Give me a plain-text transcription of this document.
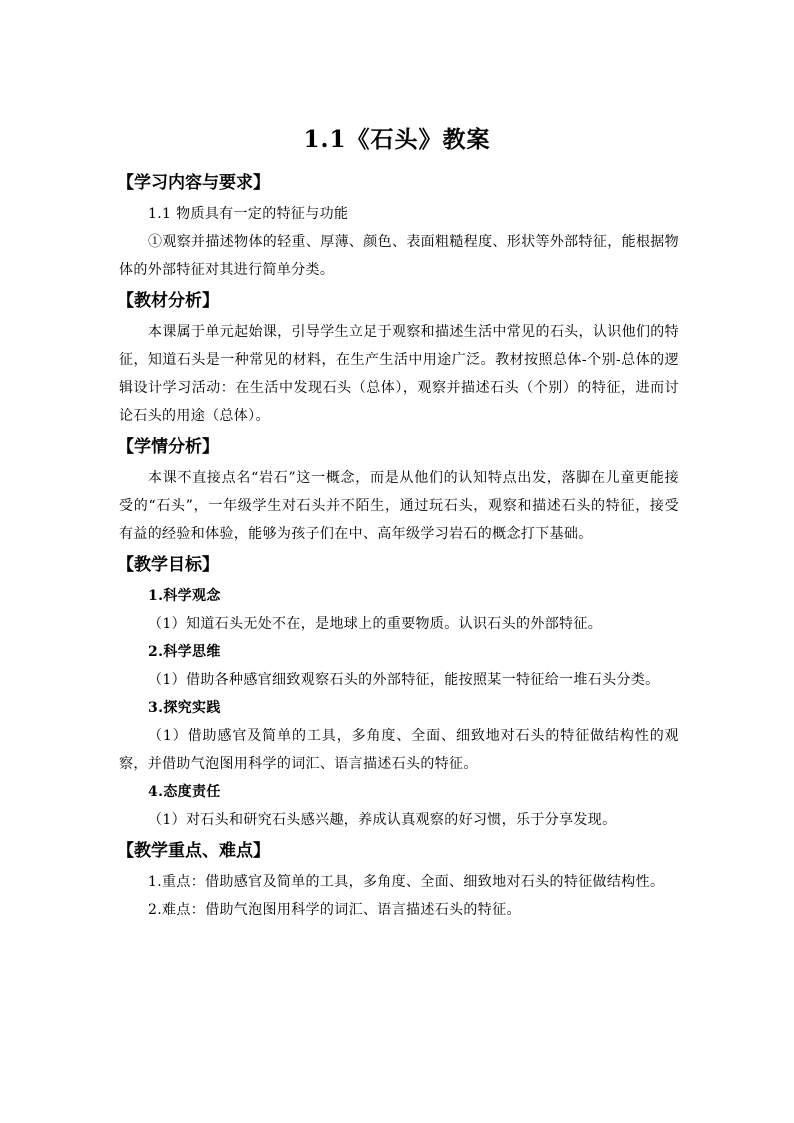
1.1《石头》教案
【学习内容与要求】

1.1 物质具有一定的特征与功能

①观察并描述物体的轻重、厚薄、颜色、表面粗糙程度、形状等外部特征，能根据物体的外部特征对其进行简单分类。

【教材分析】

本课属于单元起始课，引导学生立足于观察和描述生活中常见的石头，认识他们的特征，知道石头是一种常见的材料，在生产生活中用途广泛。教材按照总体-个别-总体的逻辑设计学习活动：在生活中发现石头（总体），观察并描述石头（个别）的特征，进而讨论石头的用途（总体）。

【学情分析】

本课不直接点名“岩石”这一概念，而是从他们的认知特点出发，落脚在儿童更能接受的“石头”，一年级学生对石头并不陌生，通过玩石头，观察和描述石头的特征，接受有益的经验和体验，能够为孩子们在中、高年级学习岩石的概念打下基础。

【教学目标】

1.科学观念

（1）知道石头无处不在，是地球上的重要物质。认识石头的外部特征。

2.科学思维

（1）借助各种感官细致观察石头的外部特征，能按照某一特征给一堆石头分类。

3.探究实践

（1）借助感官及简单的工具，多角度、全面、细致地对石头的特征做结构性的观察，并借助气泡图用科学的词汇、语言描述石头的特征。

4.态度责任

（1）对石头和研究石头感兴趣，养成认真观察的好习惯，乐于分享发现。

【教学重点、难点】

1.重点：借助感官及简单的工具，多角度、全面、细致地对石头的特征做结构性。

2.难点：借助气泡图用科学的词汇、语言描述石头的特征。
